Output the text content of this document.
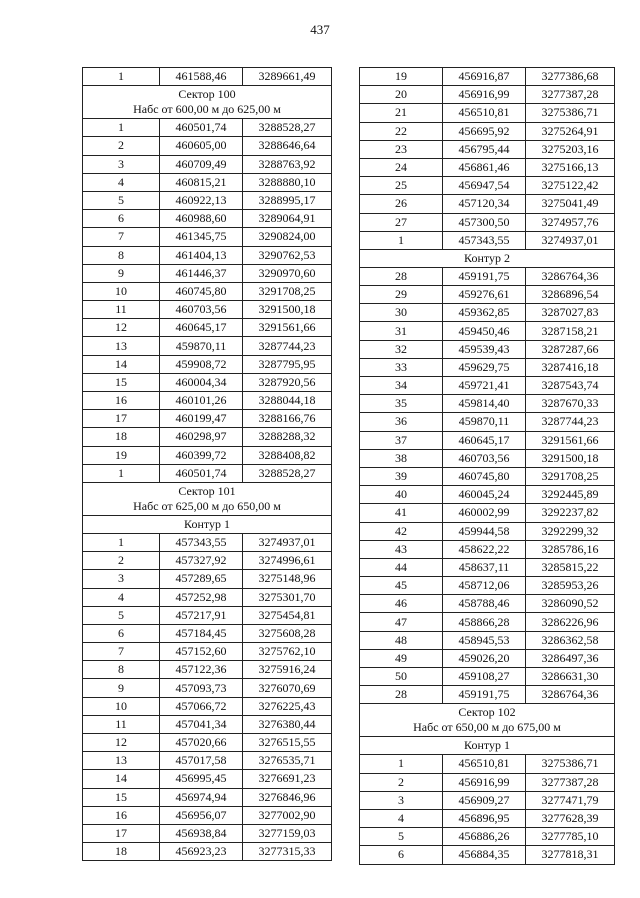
437
1	461588,46	3289661,49

Сектор 100
Набс от 600,00 м до 625,00 м		

1	460501,74	3288528,27
2	460605,00	3288646,64
3	460709,49	3288763,92
4	460815,21	3288880,10
5	460922,13	3288995,17
6	460988,60	3289064,91
7	461345,75	3290824,00
8	461404,13	3290762,53
9	461446,37	3290970,60
10	460745,80	3291708,25
11	460703,56	3291500,18
12	460645,17	3291561,66
13	459870,11	3287744,23
14	459908,72	3287795,95
15	460004,34	3287920,56
16	460101,26	3288044,18
17	460199,47	3288166,76
18	460298,97	3288288,32
19	460399,72	3288408,82
1	460501,74	3288528,27

Сектор 101
Набс от 625,00 м до 650,00 м		

Контур 1		

1	457343,55	3274937,01
2	457327,92	3274996,61
3	457289,65	3275148,96
4	457252,98	3275301,70
5	457217,91	3275454,81
6	457184,45	3275608,28
7	457152,60	3275762,10
8	457122,36	3275916,24
9	457093,73	3276070,69
10	457066,72	3276225,43
11	457041,34	3276380,44
12	457020,66	3276515,55
13	457017,58	3276535,71
14	456995,45	3276691,23
15	456974,94	3276846,96
16	456956,07	3277002,90
17	456938,84	3277159,03
18	456923,23	3277315,33
19	456916,87	3277386,68
20	456916,99	3277387,28
21	456510,81	3275386,71
22	456695,92	3275264,91
23	456795,44	3275203,16
24	456861,46	3275166,13
25	456947,54	3275122,42
26	457120,34	3275041,49
27	457300,50	3274957,76
1	457343,55	3274937,01

Контур 2		

28	459191,75	3286764,36
29	459276,61	3286896,54
30	459362,85	3287027,83
31	459450,46	3287158,21
32	459539,43	3287287,66
33	459629,75	3287416,18
34	459721,41	3287543,74
35	459814,40	3287670,33
36	459870,11	3287744,23
37	460645,17	3291561,66
38	460703,56	3291500,18
39	460745,80	3291708,25
40	460045,24	3292445,89
41	460002,99	3292237,82
42	459944,58	3292299,32
43	458622,22	3285786,16
44	458637,11	3285815,22
45	458712,06	3285953,26
46	458788,46	3286090,52
47	458866,28	3286226,96
48	458945,53	3286362,58
49	459026,20	3286497,36
50	459108,27	3286631,30
28	459191,75	3286764,36

Сектор 102
Набс от 650,00 м до 675,00 м		

Контур 1		

1	456510,81	3275386,71
2	456916,99	3277387,28
3	456909,27	3277471,79
4	456896,95	3277628,39
5	456886,26	3277785,10
6	456884,35	3277818,31
